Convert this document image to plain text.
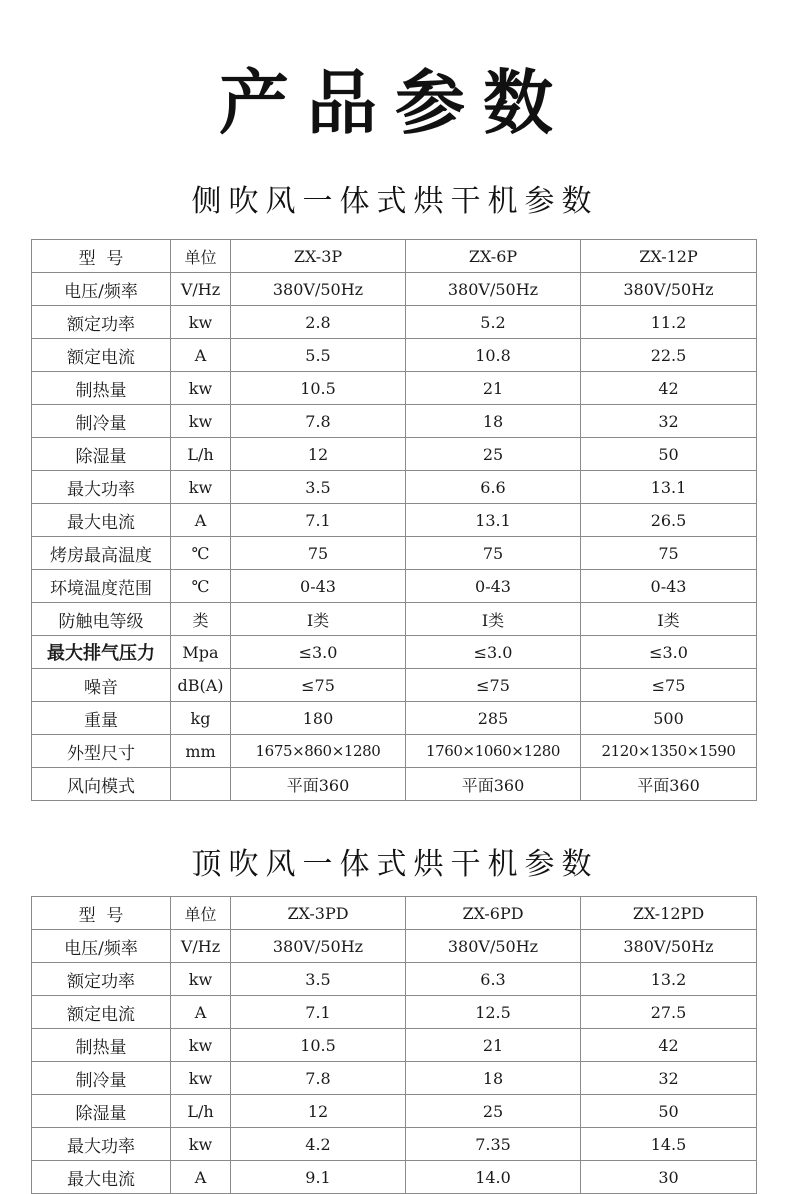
产品参数
侧吹风一体式烘干机参数
型  号	单位	ZX-3P	ZX-6P	ZX-12P
电压/频率	V/Hz	380V/50Hz	380V/50Hz	380V/50Hz
额定功率	kw	2.8	5.2	11.2
额定电流	A	5.5	10.8	22.5
制热量	kw	10.5	21	42
制冷量	kw	7.8	18	32
除湿量	L/h	12	25	50
最大功率	kw	3.5	6.6	13.1
最大电流	A	7.1	13.1	26.5
烤房最高温度	℃	75	75	75
环境温度范围	℃	0-43	0-43	0-43
防触电等级	类	I类	I类	I类
最大排气压力	Mpa	≤3.0	≤3.0	≤3.0
噪音	dB(A)	≤75	≤75	≤75
重量	kg	180	285	500
外型尺寸	mm	1675×860×1280	1760×1060×1280	2120×1350×1590
风向模式		平面360	平面360	平面360
顶吹风一体式烘干机参数
型  号	单位	ZX-3PD	ZX-6PD	ZX-12PD
电压/频率	V/Hz	380V/50Hz	380V/50Hz	380V/50Hz
额定功率	kw	3.5	6.3	13.2
额定电流	A	7.1	12.5	27.5
制热量	kw	10.5	21	42
制冷量	kw	7.8	18	32
除湿量	L/h	12	25	50
最大功率	kw	4.2	7.35	14.5
最大电流	A	9.1	14.0	30
